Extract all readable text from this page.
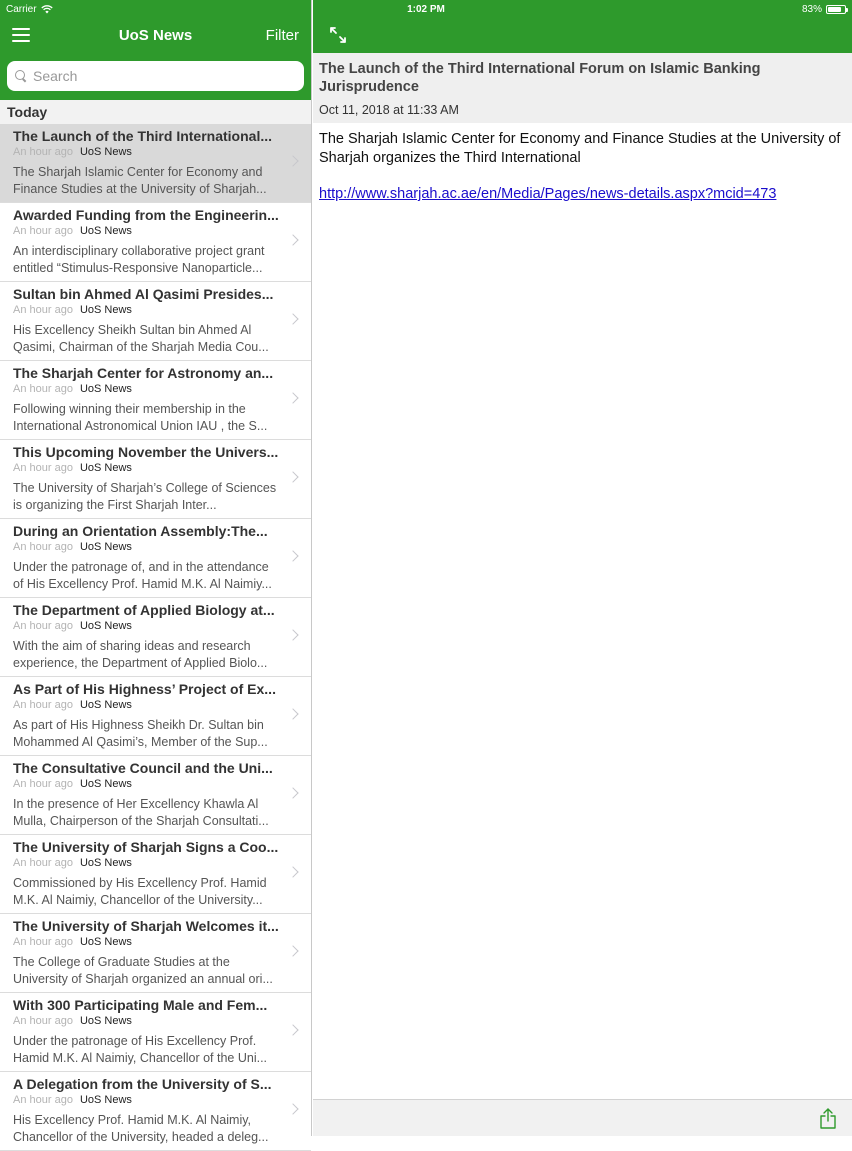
UoS News	Filter
Search
Today
The Launch of the Third International...
An hour ago UoS News
The Sharjah Islamic Center for Economy and Finance Studies at the University of Sharjah...
Awarded Funding from the Engineerin...
An hour ago UoS News
An interdisciplinary collaborative project grant entitled “Stimulus-Responsive Nanoparticle...
Sultan bin Ahmed Al Qasimi Presides...
An hour ago UoS News
His Excellency Sheikh Sultan bin Ahmed Al Qasimi, Chairman of the Sharjah Media Cou...
The Sharjah Center for Astronomy an...
An hour ago UoS News
Following winning their membership in the International Astronomical Union IAU , the S...
This Upcoming November the Univers...
An hour ago UoS News
The University of Sharjah’s College of Sciences is organizing the First Sharjah Inter...
During an Orientation Assembly:The...
An hour ago UoS News
Under the patronage of, and in the attendance of His Excellency Prof. Hamid M.K. Al Naimiy...
The Department of Applied Biology at...
An hour ago UoS News
With the aim of sharing ideas and research experience, the Department of Applied Biolo...
As Part of His Highness’ Project of Ex...
An hour ago UoS News
As part of His Highness Sheikh Dr. Sultan bin Mohammed Al Qasimi’s, Member of the Sup...
The Consultative Council and the Uni...
An hour ago UoS News
In the presence of Her Excellency Khawla Al Mulla, Chairperson of the Sharjah Consultati...
The University of Sharjah Signs a Coo...
An hour ago UoS News
Commissioned by His Excellency Prof. Hamid M.K. Al Naimiy, Chancellor of the University...
The University of Sharjah Welcomes it...
An hour ago UoS News
The College of Graduate Studies at the University of Sharjah organized an annual ori...
With 300 Participating Male and Fem...
An hour ago UoS News
Under the patronage of His Excellency Prof. Hamid M.K. Al Naimiy, Chancellor of the Uni...
A Delegation from the University of S...
An hour ago UoS News
His Excellency Prof. Hamid M.K. Al Naimiy, Chancellor of the University, headed a deleg...
The Launch of the Third International Forum on Islamic Banking Jurisprudence
Oct 11, 2018 at 11:33 AM
The Sharjah Islamic Center for Economy and Finance Studies at the University of Sharjah organizes the Third International
http://www.sharjah.ac.ae/en/Media/Pages/news-details.aspx?mcid=473
Carrier	1:02 PM	83%
